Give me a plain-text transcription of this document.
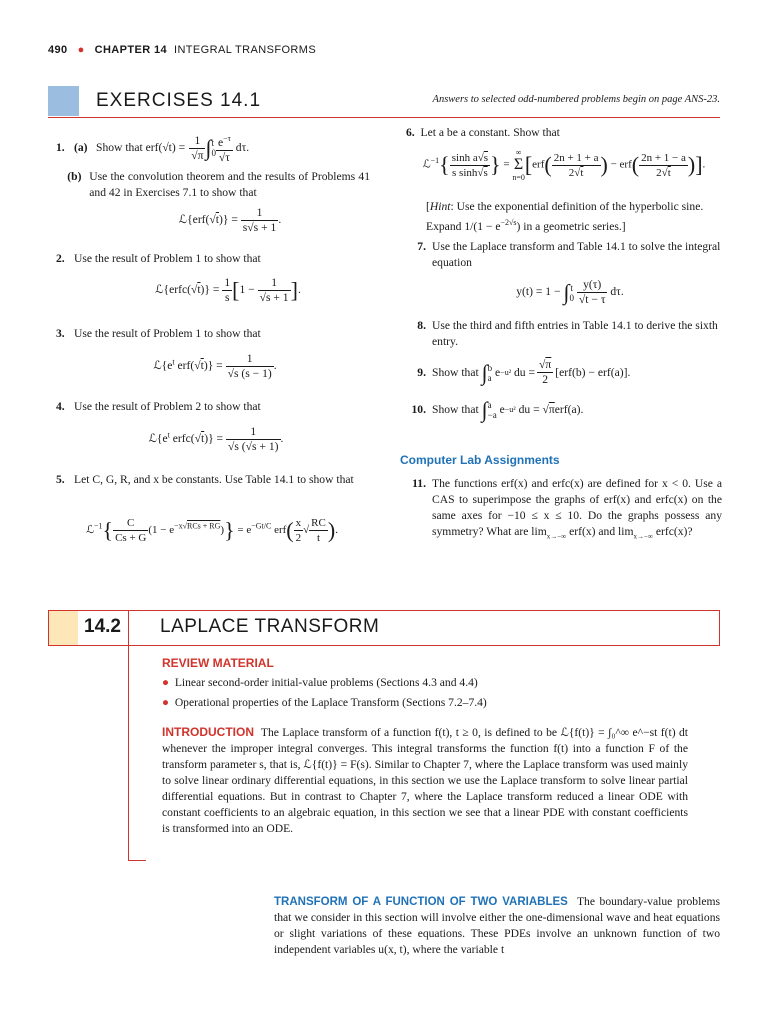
490 ● CHAPTER 14 INTEGRAL TRANSFORMS
EXERCISES 14.1	Answers to selected odd-numbered problems begin on page ANS-23.
1. (a) Show that $erf(√t) = \frac{1}{√\pi}$ ∫ t
$0 \frac{e^{-\tau}}{√\tau} d\tau$.
(b) Use the convolution theorem and the results of Problems 41 and 42 in Exercises 7.1 to show that
ℒ{erf(√t)} = $\frac{1}{s√s + 1}$ .
2. Use the result of Problem 1 to show that
ℒ{erfc(√t)} = $\frac{1}{s} [1 - \frac{1}{√s + 1}$ ].
3. Use the result of Problem 1 to show that
$ℒ\{e^t$ $erf(√t)\} = \frac{1}{√s (s - 1)}$ .
4. Use the result of Problem 2 to show that
$ℒ\{e^t$ erfc(√t)} = $\frac{1}{√s (√s + 1)}$ .
5. Let C, G, R, and x be constants. Use Table 14.1 to show that
ℒ$^{-1}${ $\frac{C}{Cs + G} (1 - e^{-x√RCs + RG})\} = e^{-Gt/C}$ $erf( \frac{x}{2}$ √ $\frac{RC}{t}$ ).
6. Let a be a constant. Show that
ℒ$^{-1}${ $\frac{\text{sinh a√s}}{\text{s sinh√s}}$ } =
∞
Σ
n=0
[$erf( \frac{2n + 1 + a}{2√t}$ ) − $erf( \frac{2n + 1 - a}{2√t}$ )].
[Hint: Use the exponential definition of the hyperbolic sine. Expand $1/(1 - e^{-2√s})$ in a geometric series.]
7. Use the Laplace transform and Table 14.1 to solve the integral equation
y(t) = 1 − ∫ t
0
$\frac{y(\tau)}{√t - \tau} d\tau$.
8. Use the third and fifth entries in Table 14.1 to derive the sixth entry.
9. Show that
∫ b
a e −u² du = $\frac{√\pi}{2} [erf(b) - erf(a)]$.
10. Show that
∫ a
−a e −u² du = √ π erf(a).
Computer Lab Assignments
11. The functions erf(x) and erfc(x) are defined for x < 0. Use a CAS to superimpose the graphs of erf(x) and erfc(x) on the same axes for −10 ≤ x ≤ 10. Do the graphs possess any symmetry? What are $\lim_{x\to-\infty} erf(x)$ and $\lim_{x\to-\infty}$ erfc(x)?
14.2 LAPLACE TRANSFORM
REVIEW MATERIAL
● Linear second-order initial-value problems (Sections 4.3 and 4.4)
● Operational properties of the Laplace Transform (Sections 7.2–7.4)
INTRODUCTION The Laplace transform of a function f(t), t ≥ 0, is defined to be ℒ{f(t)} = ∫₀^∞ e^−st f(t) dt whenever the improper integral converges. This integral transforms the function f(t) into a function F of the transform parameter s, that is, ℒ{f(t)} = F(s). Similar to Chapter 7, where the Laplace transform was used mainly to solve linear ordinary differential equations, in this section we use the Laplace transform to solve linear partial differential equations. But in contrast to Chapter 7, where the Laplace transform reduced a linear ODE with constant coefficients to an algebraic equation, in this section we see that a linear PDE with constant coefficients is transformed into an ODE.
TRANSFORM OF A FUNCTION OF TWO VARIABLES The boundary-value problems that we consider in this section will involve either the one-dimensional wave and heat equations or slight variations of these equations. These PDEs involve an unknown function of two independent variables u(x, t), where the variable t
